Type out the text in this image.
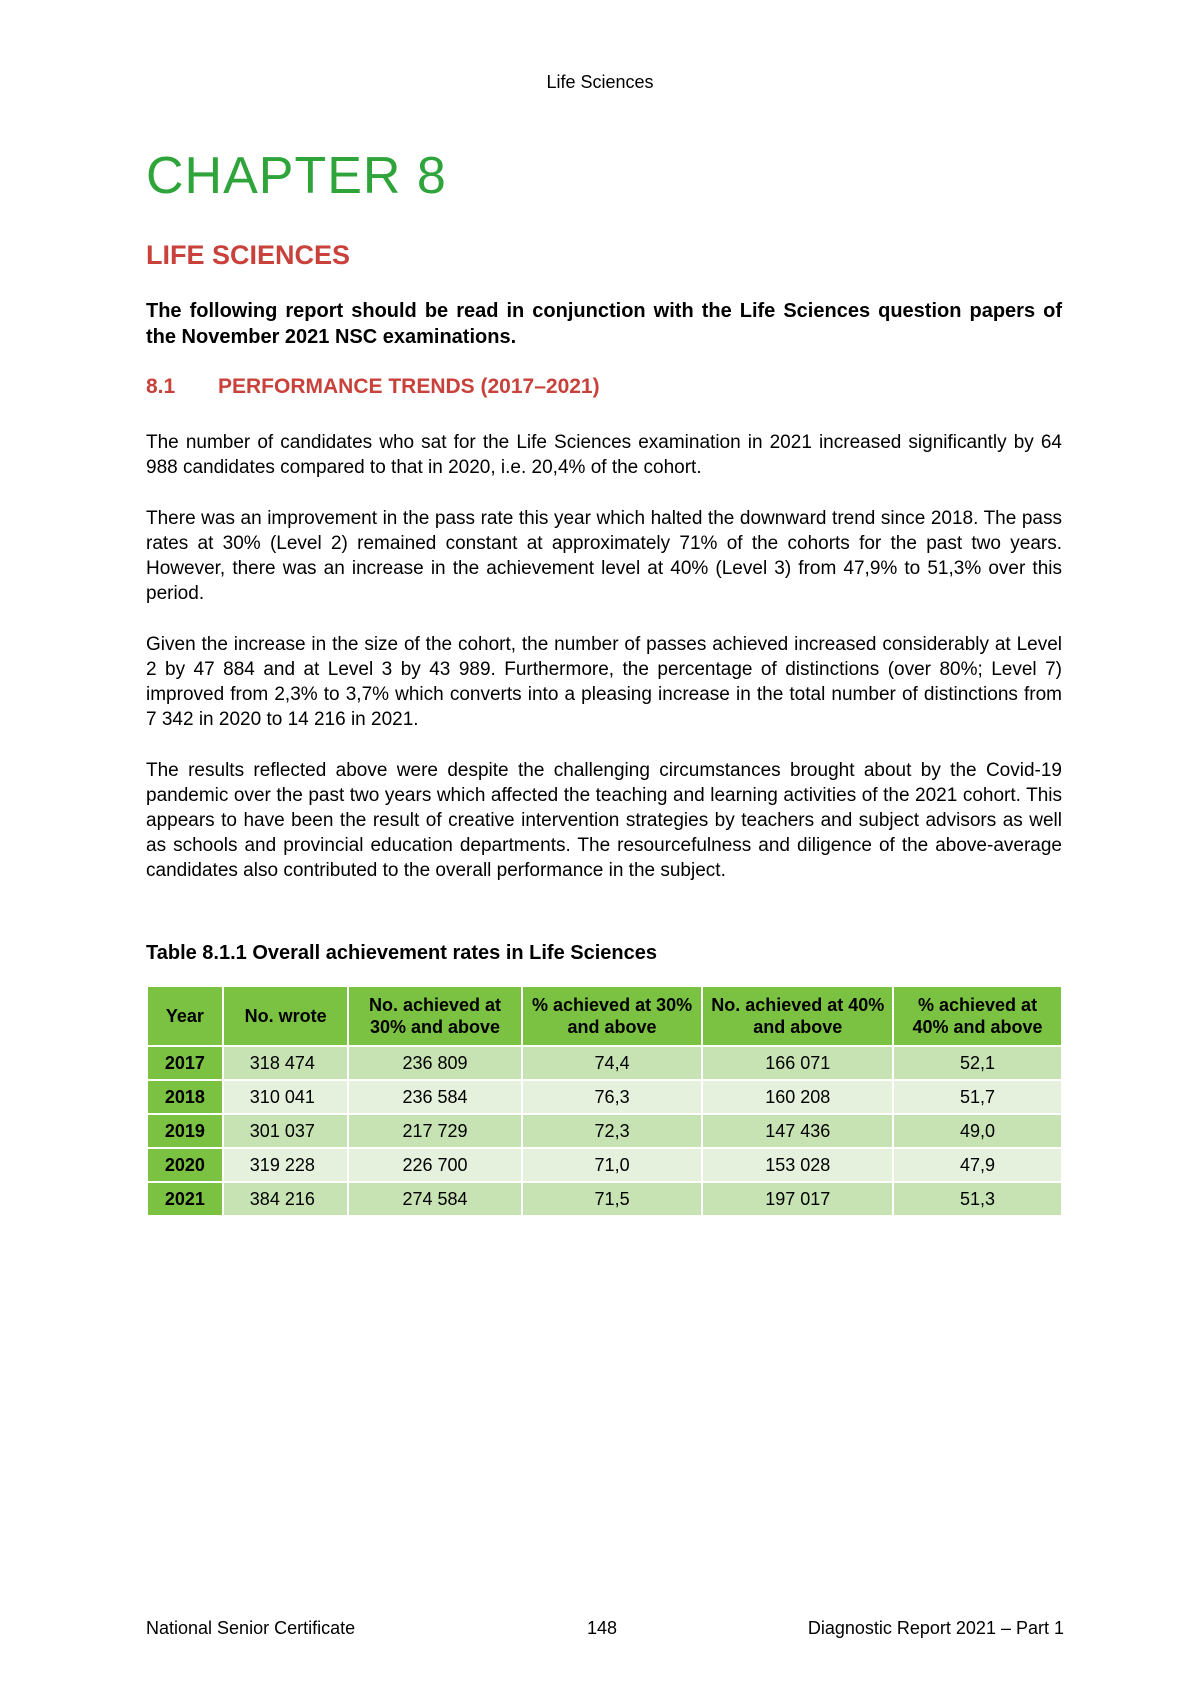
Life Sciences
CHAPTER 8
LIFE SCIENCES
The following report should be read in conjunction with the Life Sciences question papers of the November 2021 NSC examinations.
8.1 PERFORMANCE TRENDS (2017–2021)
The number of candidates who sat for the Life Sciences examination in 2021 increased significantly by 64 988 candidates compared to that in 2020, i.e. 20,4% of the cohort.
There was an improvement in the pass rate this year which halted the downward trend since 2018. The pass rates at 30% (Level 2) remained constant at approximately 71% of the cohorts for the past two years. However, there was an increase in the achievement level at 40% (Level 3) from 47,9% to 51,3% over this period.
Given the increase in the size of the cohort, the number of passes achieved increased considerably at Level 2 by 47 884 and at Level 3 by 43 989. Furthermore, the percentage of distinctions (over 80%; Level 7) improved from 2,3% to 3,7% which converts into a pleasing increase in the total number of distinctions from 7 342 in 2020 to 14 216 in 2021.
The results reflected above were despite the challenging circumstances brought about by the Covid-19 pandemic over the past two years which affected the teaching and learning activities of the 2021 cohort. This appears to have been the result of creative intervention strategies by teachers and subject advisors as well as schools and provincial education departments. The resourcefulness and diligence of the above-average candidates also contributed to the overall performance in the subject.
Table 8.1.1 Overall achievement rates in Life Sciences
Year	No. wrote	No. achieved at 30% and above	% achieved at 30% and above	No. achieved at 40% and above	% achieved at 40% and above
2017	318 474	236 809	74,4	166 071	52,1
2018	310 041	236 584	76,3	160 208	51,7
2019	301 037	217 729	72,3	147 436	49,0
2020	319 228	226 700	71,0	153 028	47,9
2021	384 216	274 584	71,5	197 017	51,3
National Senior Certificate	148	Diagnostic Report 2021 – Part 1
